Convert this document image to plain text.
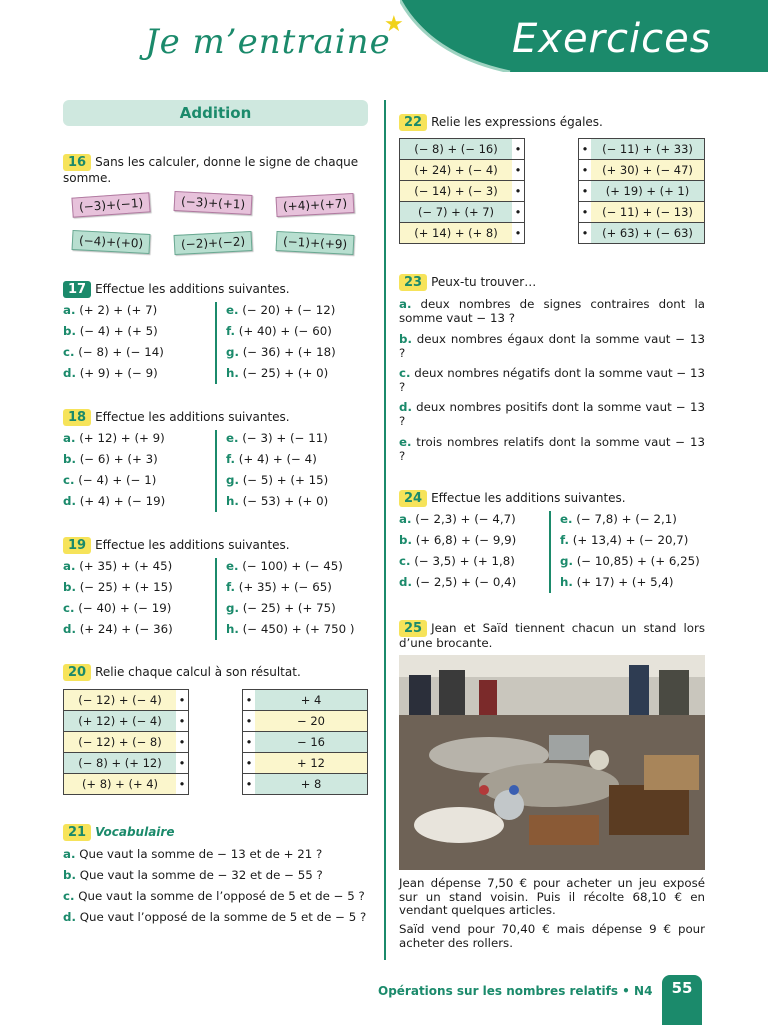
Je m’entraine
★	Exercices
Addition
16 Sans les calculer, donne le signe de chaque somme.
(−3)+(−1)	(−3)+(+1)	(+4)+(+7)
(−4)+(+0)	(−2)+(−2)	(−1)+(+9)
17 Effectue les additions suivantes.
a. (+ 2) + (+ 7)
b. (− 4) + (+ 5)
c. (− 8) + (− 14)
d. (+ 9) + (− 9)
e. (− 20) + (− 12)
f. (+ 40) + (− 60)
g. (− 36) + (+ 18)
h. (− 25) + (+ 0)
18 Effectue les additions suivantes.
a. (+ 12) + (+ 9)
b. (− 6) + (+ 3)
c. (− 4) + (− 1)
d. (+ 4) + (− 19)
e. (− 3) + (− 11)
f. (+ 4) + (− 4)
g. (− 5) + (+ 15)
h. (− 53) + (+ 0)
19 Effectue les additions suivantes.
a. (+ 35) + (+ 45)
b. (− 25) + (+ 15)
c. (− 40) + (− 19)
d. (+ 24) + (− 36)
e. (− 100) + (− 45)
f. (+ 35) + (− 65)
g. (− 25) + (+ 75)
h. (− 450) + (+ 750 )
20 Relie chaque calcul à son résultat.
(− 12) + (− 4)	•
(+ 12) + (− 4)	•
(− 12) + (− 8)	•
(− 8) + (+ 12)	•
(+ 8) + (+ 4)	•
•	+ 4
•	− 20
•	− 16
•	+ 12
•	+ 8
21 Vocabulaire
a. Que vaut la somme de − 13 et de + 21 ?
b. Que vaut la somme de − 32 et de − 55 ?
c. Que vaut la somme de l’opposé de 5 et de − 5 ?
d. Que vaut l’opposé de la somme de 5 et de − 5 ?
22 Relie les expressions égales.
(− 8) + (− 16)	•
(+ 24) + (− 4)	•
(− 14) + (− 3)	•
(− 7) + (+ 7)	•
(+ 14) + (+ 8)	•
•	(− 11) + (+ 33)
•	(+ 30) + (− 47)
•	(+ 19) + (+ 1)
•	(− 11) + (− 13)
•	(+ 63) + (− 63)
23 Peux-tu trouver…
a. deux nombres de signes contraires dont la somme vaut − 13 ?
b. deux nombres égaux dont la somme vaut − 13 ?
c. deux nombres négatifs dont la somme vaut − 13 ?
d. deux nombres positifs dont la somme vaut − 13 ?
e. trois nombres relatifs dont la somme vaut − 13 ?
24 Effectue les additions suivantes.
a. (− 2,3) + (− 4,7)
b. (+ 6,8) + (− 9,9)
c. (− 3,5) + (+ 1,8)
d. (− 2,5) + (− 0,4)
e. (− 7,8) + (− 2,1)
f. (+ 13,4) + (− 20,7)
g. (− 10,85) + (+ 6,25)
h. (+ 17) + (+ 5,4)
25 Jean et Saïd tiennent chacun un stand lors d’une brocante.
Jean dépense 7,50 € pour acheter un jeu exposé sur un stand voisin. Puis il récolte 68,10 € en vendant quelques articles.
Saïd vend pour 70,40 € mais dépense 9 € pour acheter des rollers.
Opérations sur les nombres relatifs • N4	55
